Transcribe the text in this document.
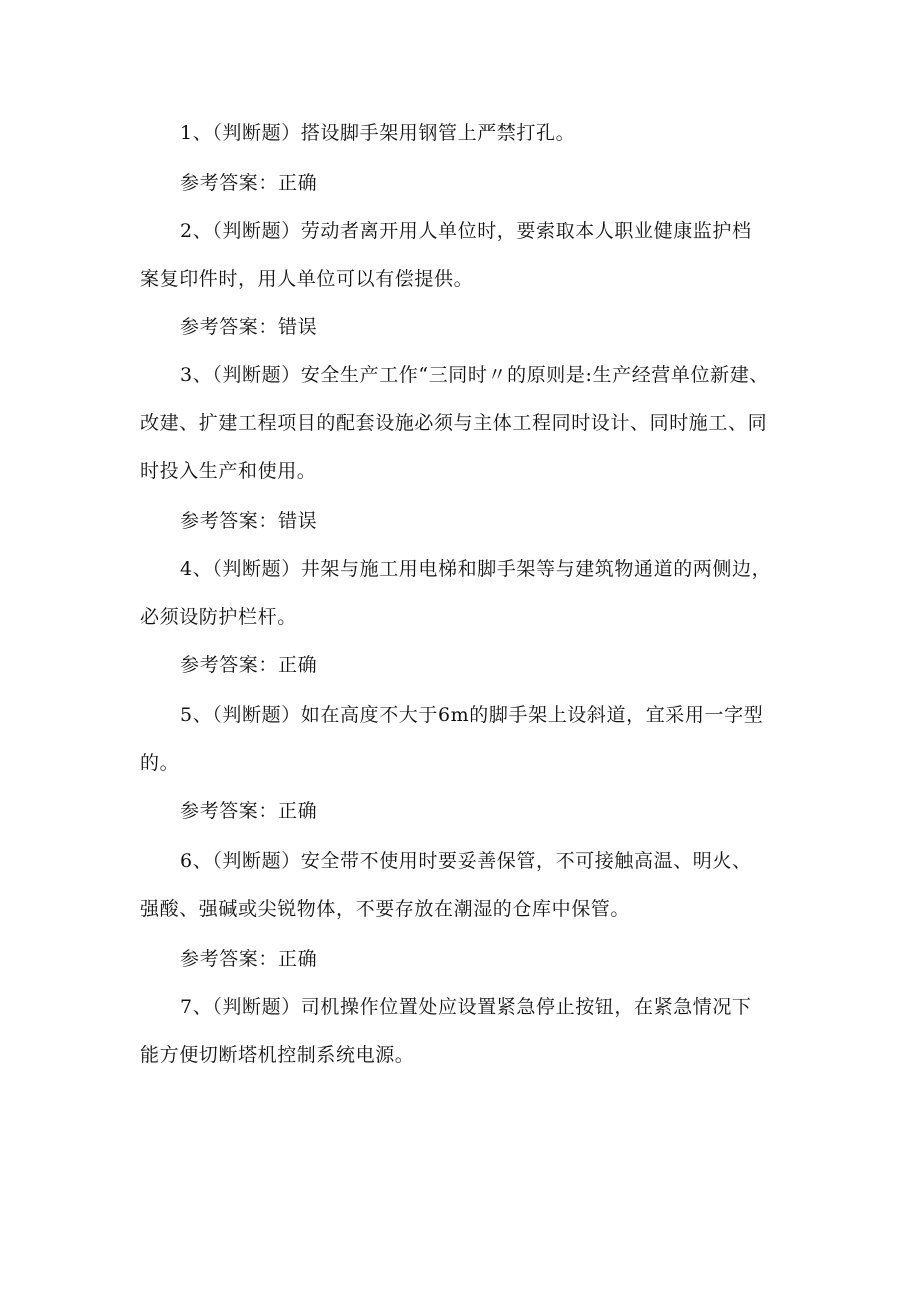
1、（判断题）搭设脚手架用钢管上严禁打孔。
参考答案：正确
2、（判断题）劳动者离开用人单位时，要索取本人职业健康监护档
案复印件时，用人单位可以有偿提供。
参考答案：错误
3、（判断题）安全生产工作“三同时〃的原则是:生产经营单位新建、
改建、扩建工程项目的配套设施必须与主体工程同时设计、同时施工、同
时投入生产和使用。
参考答案：错误
4、（判断题）井架与施工用电梯和脚手架等与建筑物通道的两侧边，
必须设防护栏杆。
参考答案：正确
5、（判断题）如在高度不大于6m的脚手架上设斜道，宜采用一字型
的。
参考答案：正确
6、（判断题）安全带不使用时要妥善保管，不可接触高温、明火、
强酸、强碱或尖锐物体，不要存放在潮湿的仓库中保管。
参考答案：正确
7、（判断题）司机操作位置处应设置紧急停止按钮，在紧急情况下
能方便切断塔机控制系统电源。
